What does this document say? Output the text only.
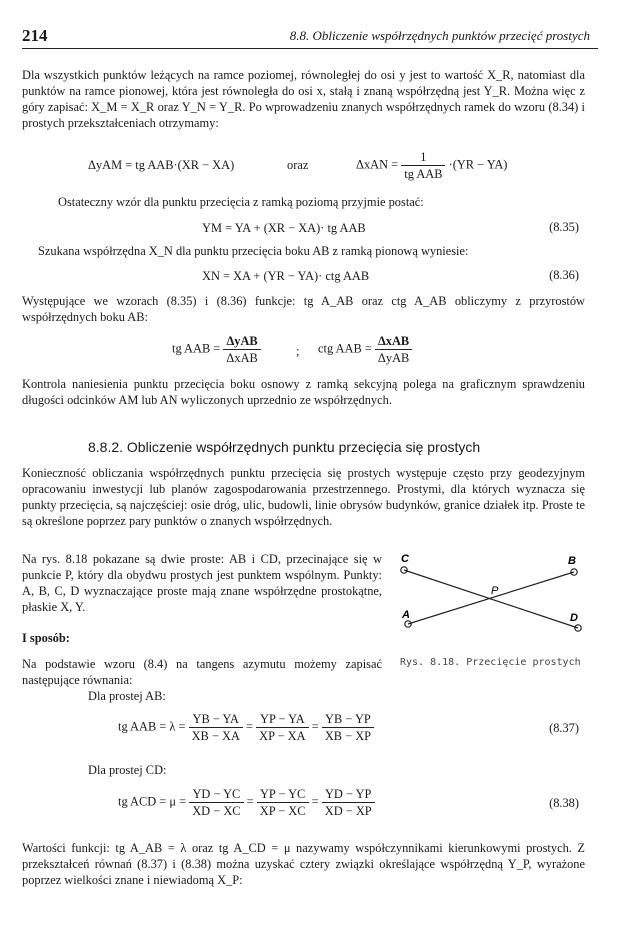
214	8.8. Obliczenie współrzędnych punktów przecięć prostych
Dla wszystkich punktów leżących na ramce poziomej, równoległej do osi y jest to wartość X_R, natomiast dla punktów na ramce pionowej, która jest równoległa do osi x, stałą i znaną współrzędną jest Y_R. Można więc z góry zapisać: X_M = X_R oraz Y_N = Y_R. Po wprowadzeniu znanych współrzędnych ramek do wzoru (8.34) i prostych przekształceniach otrzymamy:
ΔyAM = tg AAB·(XR − XA)	oraz	$\Delta xAN = \frac{1}{\text{tg AAB}} \cdot(YR - YA)$
Ostateczny wzór dla punktu przecięcia z ramką poziomą przyjmie postać:
YM = YA + (XR − XA)· tg AAB	(8.35)
Szukana współrzędna X_N dla punktu przecięcia boku AB z ramką pionową wyniesie:
XN = XA + (YR − YA)· ctg AAB	(8.36)
Występujące we wzorach (8.35) i (8.36) funkcje: tg A_AB oraz ctg A_AB obliczymy z przyrostów współrzędnych boku AB:
tg AAB = $\frac{\text{ΔyAB}}{\text{ΔxAB}}$	; ctg AAB = $\frac{\text{ΔxAB}}{\text{ΔyAB}}$
Kontrola naniesienia punktu przecięcia boku osnowy z ramką sekcyjną polega na graficznym sprawdzeniu długości odcinków AM lub AN wyliczonych uprzednio ze współrzędnych.
8.8.2. Obliczenie współrzędnych punktu przecięcia się prostych
Konieczność obliczania współrzędnych punktu przecięcia się prostych występuje często przy geodezyjnym opracowaniu inwestycji lub planów zagospodarowania przestrzennego. Prostymi, dla których wyznacza się punkty przecięcia, są najczęściej: osie dróg, ulic, budowli, linie obrysów budynków, granice działek itp. Proste te są określone poprzez pary punktów o znanych współrzędnych.
Na rys. 8.18 pokazane są dwie proste: AB i CD, przecinające się w punkcie P, który dla obydwu prostych jest punktem wspólnym. Punkty: A, B, C, D wyznaczające proste mają znane współrzędne prostokątne, płaskie X, Y.
I sposób:
C	B
P
A	D
Rys. 8.18. Przecięcie prostych
Na podstawie wzoru (8.4) na tangens azymutu możemy zapisać następujące równania:
Dla prostej AB:
tg AAB = $\lambda = \frac{YB - YA}{XB - XA} = \frac{YP - YA}{XP - XA} = \frac{YB - YP}{XB - XP}$	(8.37)
Dla prostej CD:
tg ACD = $\mu = \frac{YD - YC}{XD - XC} = \frac{YP - YC}{XP - XC} = \frac{YD - YP}{XD - XP}$	(8.38)
Wartości funkcji: tg A_AB = λ oraz tg A_CD = μ nazywamy współczynnikami kierunkowymi prostych. Z przekształceń równań (8.37) i (8.38) można uzyskać cztery związki określające współrzędną Y_P, wyrażone poprzez wielkości znane i niewiadomą X_P:
